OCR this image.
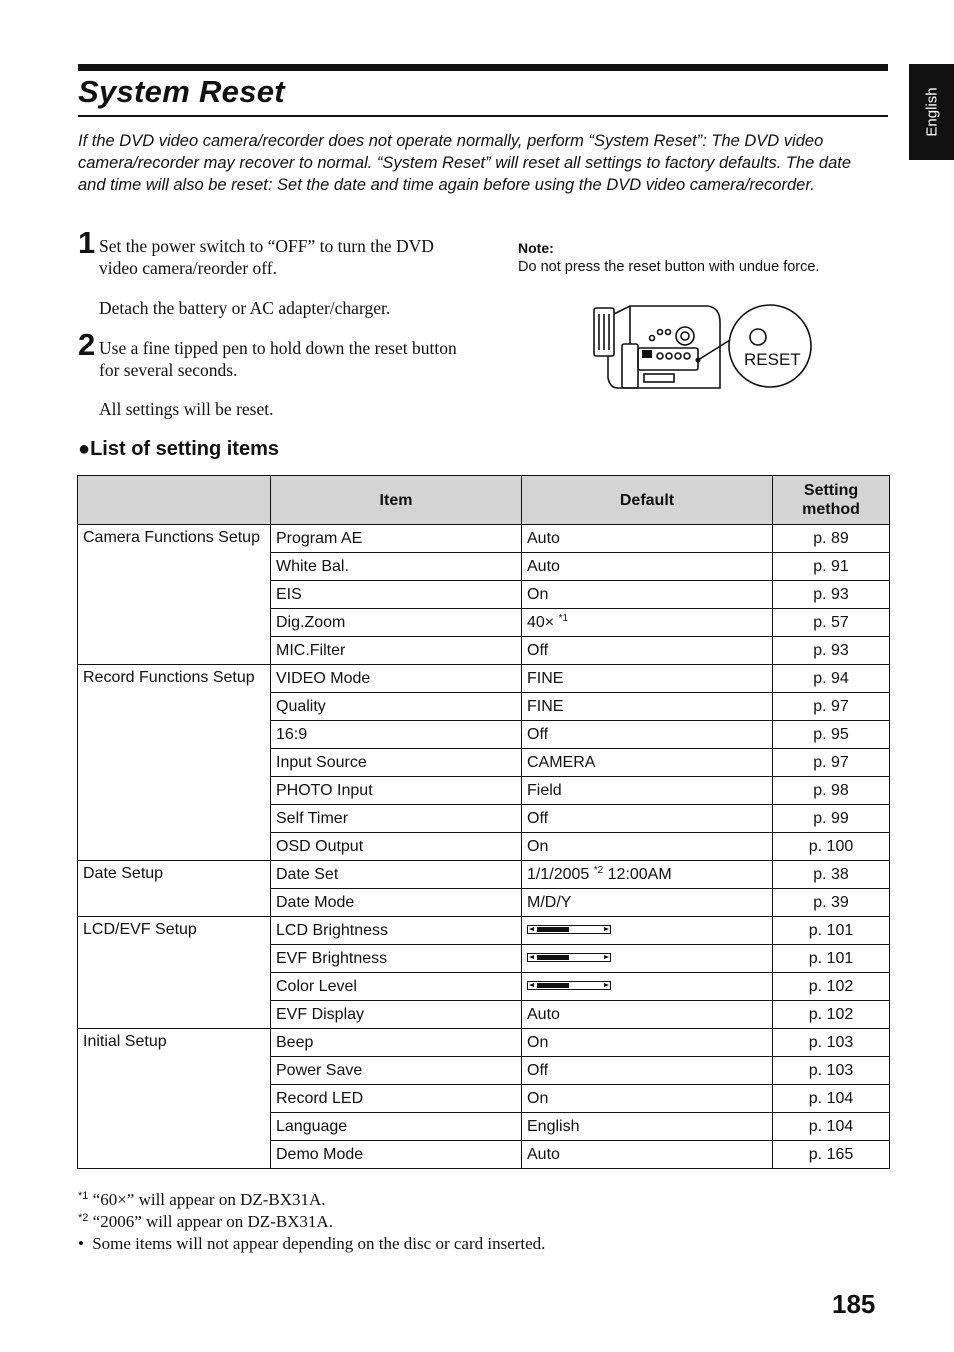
System Reset	English
If the DVD video camera/recorder does not operate normally, perform “System Reset”: The DVD video camera/recorder may recover to normal. “System Reset” will reset all settings to factory defaults. The date and time will also be reset: Set the date and time again before using the DVD video camera/recorder.
1 Set the power switch to “OFF” to turn the DVD video camera/reorder off.
Detach the battery or AC adapter/charger.
2 Use a fine tipped pen to hold down the reset button for several seconds.
All settings will be reset.
Note:
Do not press the reset button with undue force.
RESET
●List of setting items
	Item	Default	Setting
method
Camera Functions Setup	Program AE	Auto	p. 89
	White Bal.	Auto	p. 91
	EIS	On	p. 93
	Dig.Zoom	40× $^{*1}$	p. 57
	MIC.Filter	Off	p. 93
Record Functions Setup	VIDEO Mode	FINE	p. 94
	Quality	FINE	p. 97
	16:9	Off	p. 95
	Input Source	CAMERA	p. 97
	PHOTO Input	Field	p. 98
	Self Timer	Off	p. 99
	OSD Output	On	p. 100
Date Setup	Date Set	1/1/2005 $^{*2}$ 12:00AM	p. 38
	Date Mode	M/D/Y	p. 39
LCD/EVF Setup	LCD Brightness		p. 101
	EVF Brightness		p. 101
	Color Level		p. 102
	EVF Display	Auto	p. 102
Initial Setup	Beep	On	p. 103
	Power Save	Off	p. 103
	Record LED	On	p. 104
	Language	English	p. 104
	Demo Mode	Auto	p. 165
$^{*1}$ “60×” will appear on DZ-BX31A.
$^{*2}$ “2006” will appear on DZ-BX31A.
• Some items will not appear depending on the disc or card inserted.
185
